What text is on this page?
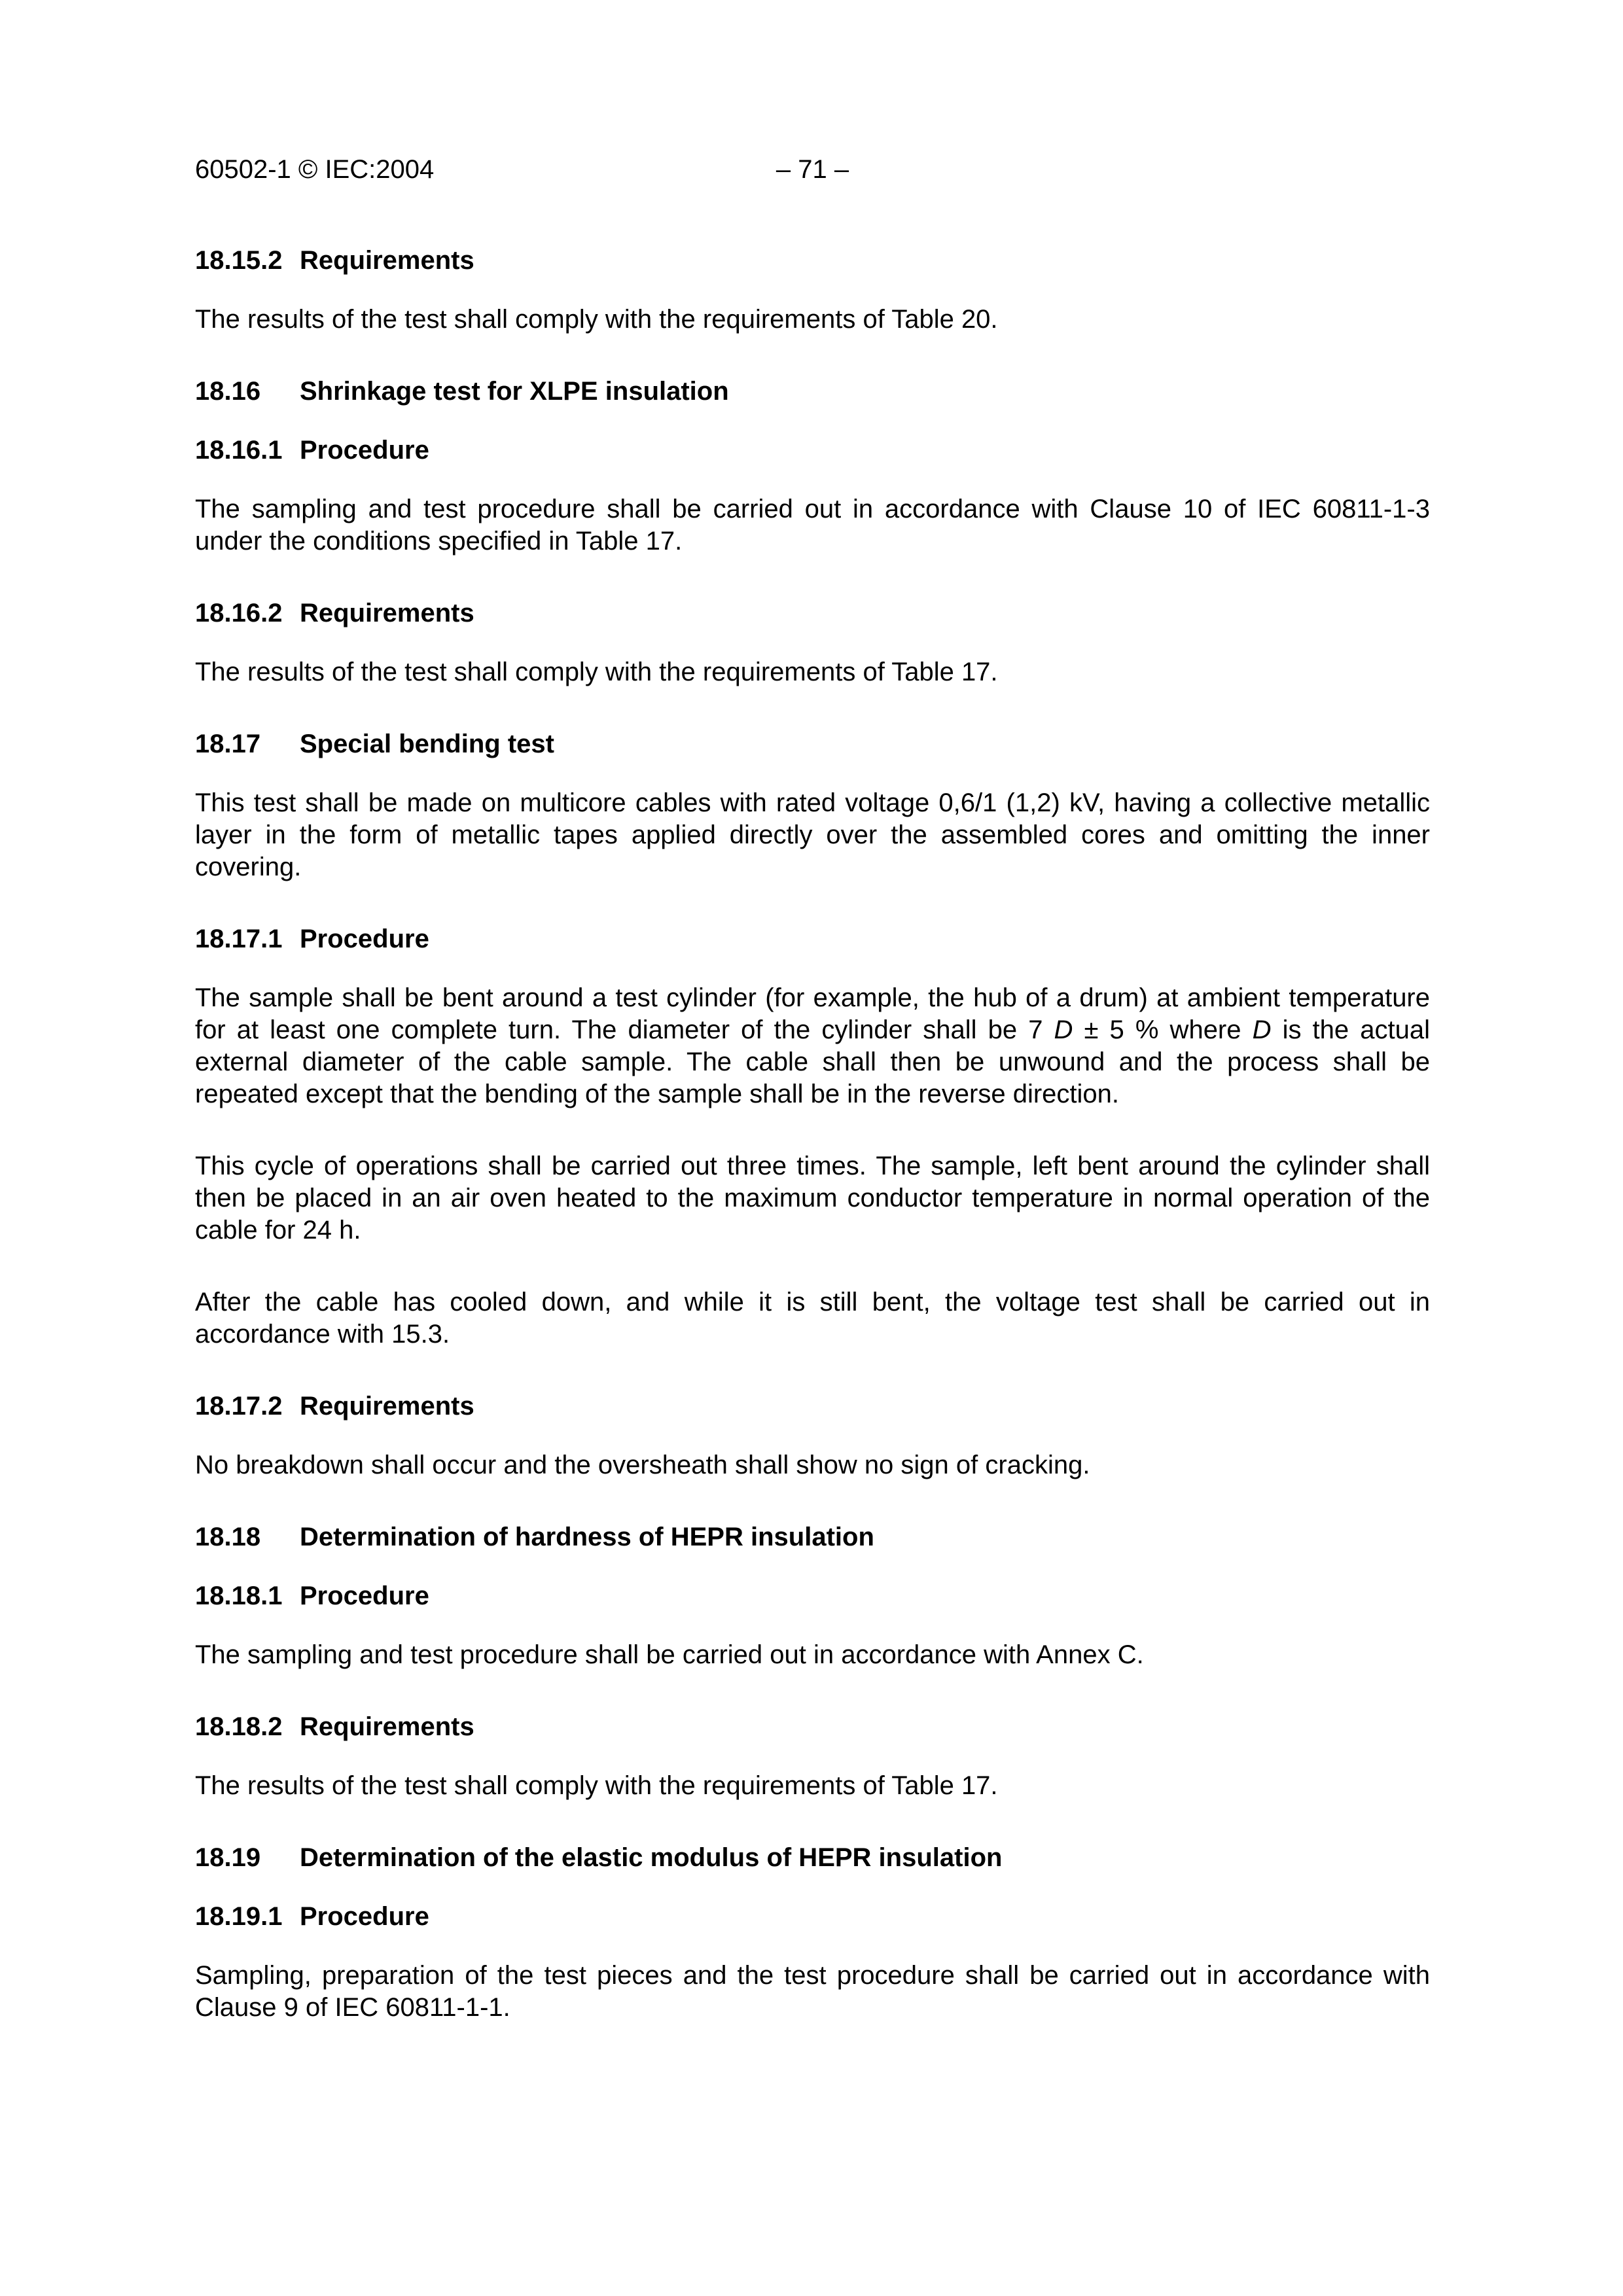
60502-1 © IEC:2004	– 71 –
18.15.2 Requirements

The results of the test shall comply with the requirements of Table 20.

18.16 Shrinkage test for XLPE insulation
18.16.1 Procedure

The sampling and test procedure shall be carried out in accordance with Clause 10 of IEC 60811-1-3 under the conditions specified in Table 17.

18.16.2 Requirements

The results of the test shall comply with the requirements of Table 17.

18.17 Special bending test

This test shall be made on multicore cables with rated voltage 0,6/1 (1,2) kV, having a collective metallic layer in the form of metallic tapes applied directly over the assembled cores and omitting the inner covering.

18.17.1 Procedure

The sample shall be bent around a test cylinder (for example, the hub of a drum) at ambient temperature for at least one complete turn. The diameter of the cylinder shall be 7 D ± 5 % where D is the actual external diameter of the cable sample. The cable shall then be unwound and the process shall be repeated except that the bending of the sample shall be in the reverse direction.

This cycle of operations shall be carried out three times. The sample, left bent around the cylinder shall then be placed in an air oven heated to the maximum conductor temperature in normal operation of the cable for 24 h.

After the cable has cooled down, and while it is still bent, the voltage test shall be carried out in accordance with 15.3.

18.17.2 Requirements

No breakdown shall occur and the oversheath shall show no sign of cracking.

18.18 Determination of hardness of HEPR insulation
18.18.1 Procedure

The sampling and test procedure shall be carried out in accordance with Annex C.

18.18.2 Requirements

The results of the test shall comply with the requirements of Table 17.

18.19 Determination of the elastic modulus of HEPR insulation
18.19.1 Procedure

Sampling, preparation of the test pieces and the test procedure shall be carried out in accordance with Clause 9 of IEC 60811-1-1.
